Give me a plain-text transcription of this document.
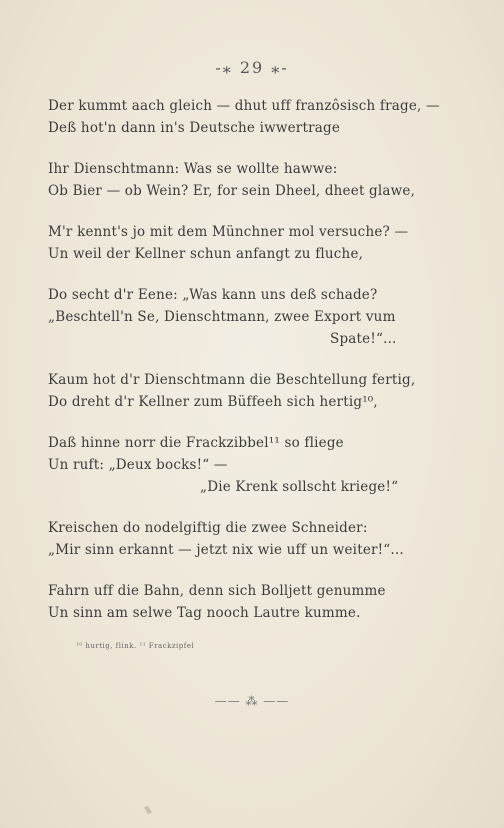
-⁎ 29 ⁎-
Der kummt aach gleich — dhut uff franzôsisch frage, —
Deß hot'n dann in's Deutsche iwwertrage
Ihr Dienschtmann: Was se wollte hawwe:
Ob Bier — ob Wein? Er, for sein Dheel, dheet glawe,
M'r kennt's jo mit dem Münchner mol versuche? —
Un weil der Kellner schun anfangt zu fluche,
Do secht d'r Eene: „Was kann uns deß schade?
„Beschtell'n Se, Dienschtmann, zwee Export vum
Spate!“...
Kaum hot d'r Dienschtmann die Beschtellung fertig,
Do dreht d'r Kellner zum Büffeeh sich hertig¹⁰,
Daß hinne norr die Frackzibbel¹¹ so fliege
Un ruft: „Deux bocks!“ —
„Die Krenk sollscht kriege!“
Kreischen do nodelgiftig die zwee Schneider:
„Mir sinn erkannt — jetzt nix wie uff un weiter!“...
Fahrn uff die Bahn, denn sich Bolljett genumme
Un sinn am selwe Tag nooch Lautre kumme.
¹⁰ hurtig, flink. ¹¹ Frackzipfel
—— ⁂ ——
